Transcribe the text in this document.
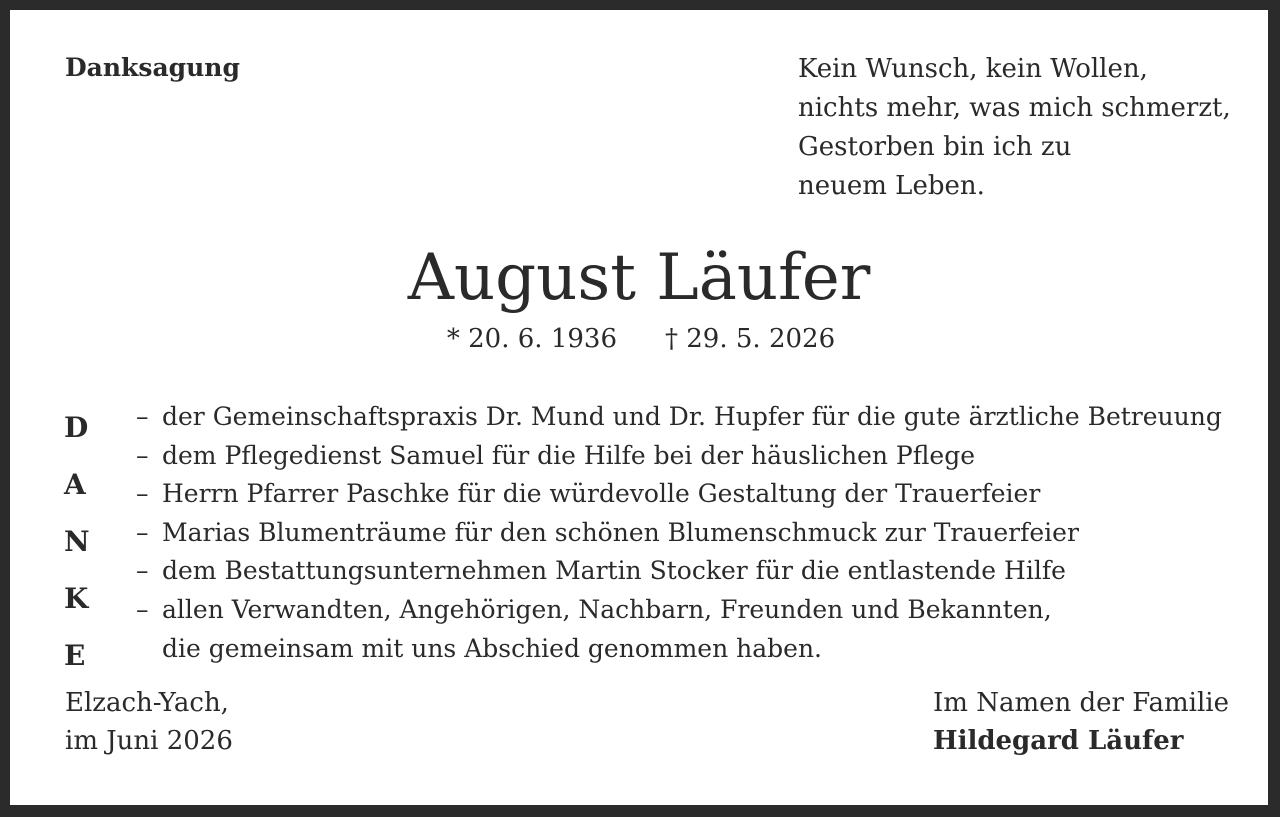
Danksagung	Kein Wunsch, kein Wollen,
nichts mehr, was mich schmerzt,
Gestorben bin ich zu
neuem Leben.
August Läufer
* 20. 6. 1936 † 29. 5. 2026
D
A
N
K
E
– der Gemeinschaftspraxis Dr. Mund und Dr. Hupfer für die gute ärztliche Betreuung
– dem Pflegedienst Samuel für die Hilfe bei der häuslichen Pflege
– Herrn Pfarrer Paschke für die würdevolle Gestaltung der Trauerfeier
– Marias Blumenträume für den schönen Blumenschmuck zur Trauerfeier
– dem Bestattungsunternehmen Martin Stocker für die entlastende Hilfe
– allen Verwandten, Angehörigen, Nachbarn, Freunden und Bekannten,
die gemeinsam mit uns Abschied genommen haben.
Elzach-Yach,
im Juni 2026
Im Namen der Familie
Hildegard Läufer
